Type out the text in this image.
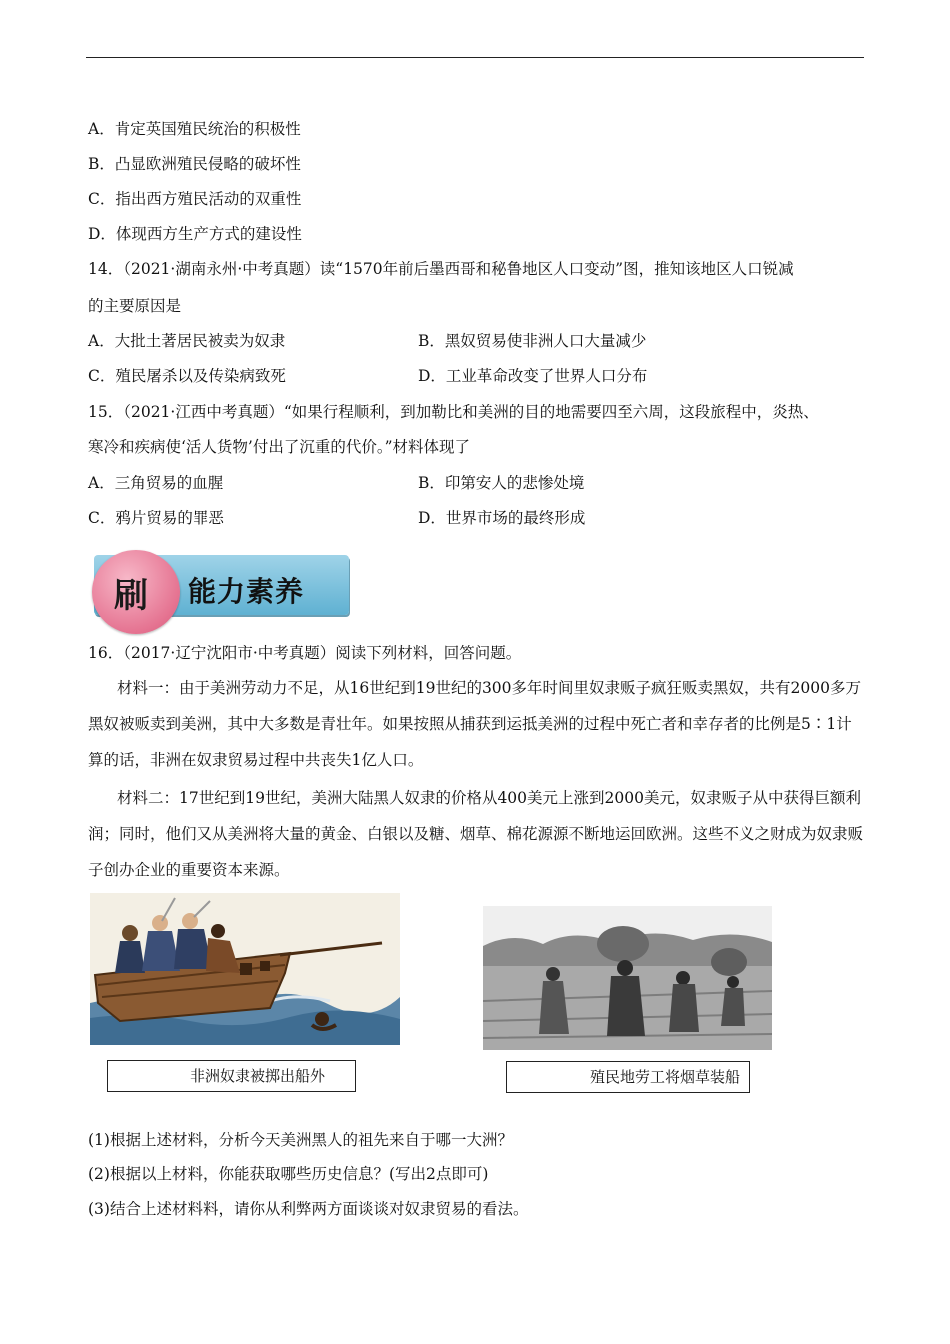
A．肯定英国殖民统治的积极性
B．凸显欧洲殖民侵略的破坏性
C．指出西方殖民活动的双重性
D．体现西方生产方式的建设性
14．（2021·湖南永州·中考真题）读“1570年前后墨西哥和秘鲁地区人口变动”图，推知该地区人口锐减
的主要原因是
A．大批土著居民被卖为奴隶	B．黑奴贸易使非洲人口大量减少
C．殖民屠杀以及传染病致死	D．工业革命改变了世界人口分布
15．（2021·江西中考真题）“如果行程顺利，到加勒比和美洲的目的地需要四至六周，这段旅程中，炎热、
寒冷和疾病使‘活人货物’付出了沉重的代价。”材料体现了
A．三角贸易的血腥	B．印第安人的悲惨处境
C．鸦片贸易的罪恶	D．世界市场的最终形成
刷 能力素养
16．（2017·辽宁沈阳市·中考真题）阅读下列材料，回答问题。

材料一：由于美洲劳动力不足，从16世纪到19世纪的300多年时间里奴隶贩子疯狂贩卖黑奴，共有2000多万黑奴被贩卖到美洲，其中大多数是青壮年。如果按照从捕获到运抵美洲的过程中死亡者和幸存者的比例是5∶1计算的话，非洲在奴隶贸易过程中共丧失1亿人口。

材料二：17世纪到19世纪，美洲大陆黑人奴隶的价格从400美元上涨到2000美元，奴隶贩子从中获得巨额利润；同时，他们又从美洲将大量的黄金、白银以及糖、烟草、棉花源源不断地运回欧洲。这些不义之财成为奴隶贩子创办企业的重要资本来源。

非洲奴隶被掷出船外	殖民地劳工将烟草装船
(1)根据上述材料，分析今天美洲黑人的祖先来自于哪一大洲？
(2)根据以上材料，你能获取哪些历史信息？(写出2点即可)
(3)结合上述材料料，请你从利弊两方面谈谈对奴隶贸易的看法。
